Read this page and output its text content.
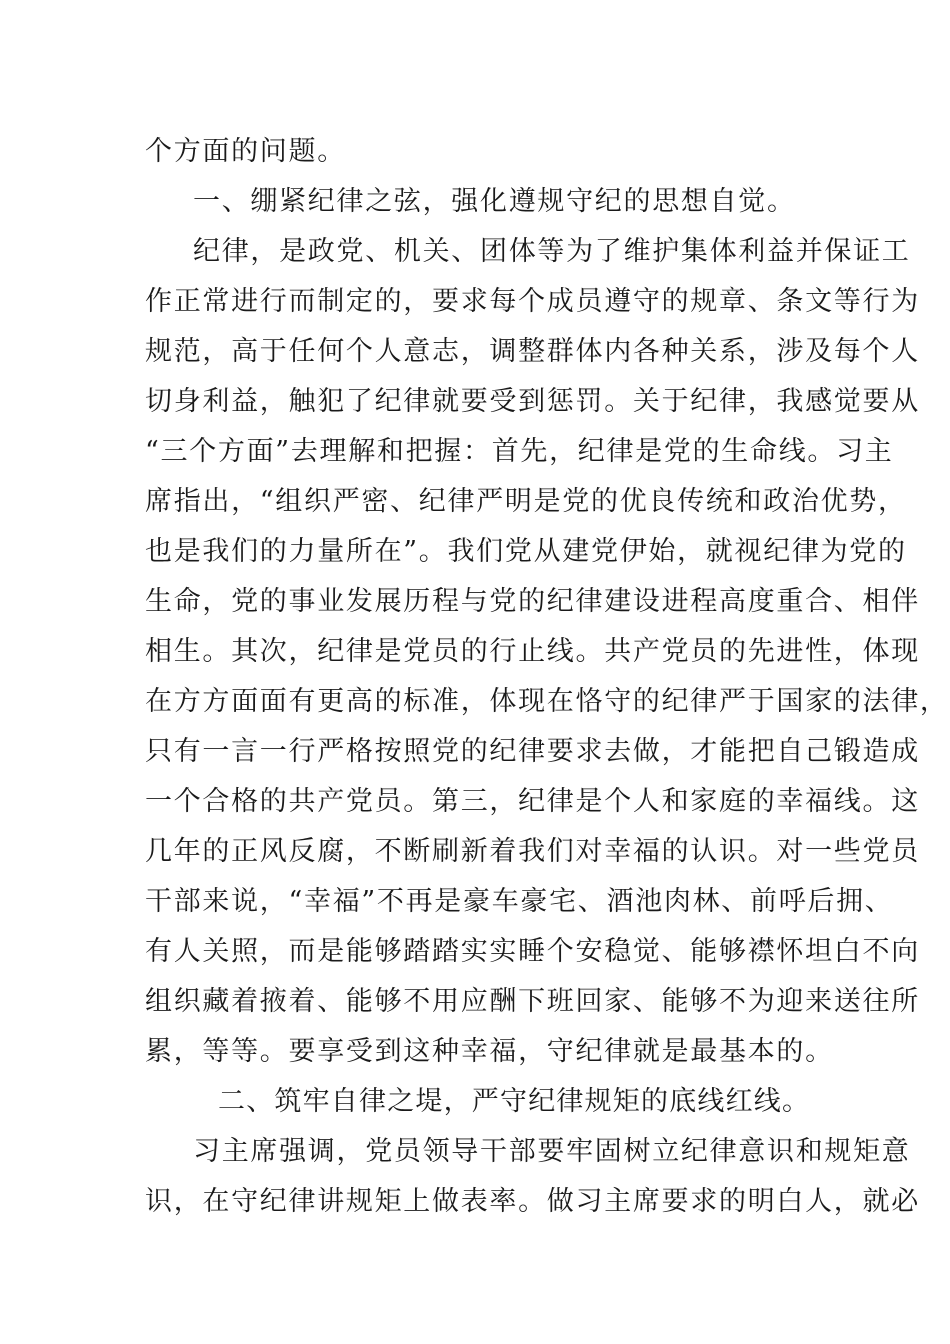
个方面的问题。
一、绷紧纪律之弦，强化遵规守纪的思想自觉。
纪律，是政党、机关、团体等为了维护集体利益并保证工
作正常进行而制定的，要求每个成员遵守的规章、条文等行为
规范，高于任何个人意志，调整群体内各种关系，涉及每个人
切身利益，触犯了纪律就要受到惩罚。关于纪律，我感觉要从
“三个方面”去理解和把握：首先，纪律是党的生命线。习主
席指出，“组织严密、纪律严明是党的优良传统和政治优势，
也是我们的力量所在”。我们党从建党伊始，就视纪律为党的
生命，党的事业发展历程与党的纪律建设进程高度重合、相伴
相生。其次，纪律是党员的行止线。共产党员的先进性，体现
在方方面面有更高的标准，体现在恪守的纪律严于国家的法律，
只有一言一行严格按照党的纪律要求去做，才能把自己锻造成
一个合格的共产党员。第三，纪律是个人和家庭的幸福线。这
几年的正风反腐，不断刷新着我们对幸福的认识。对一些党员
干部来说，“幸福”不再是豪车豪宅、酒池肉林、前呼后拥、
有人关照，而是能够踏踏实实睡个安稳觉、能够襟怀坦白不向
组织藏着掖着、能够不用应酬下班回家、能够不为迎来送往所
累，等等。要享受到这种幸福，守纪律就是最基本的。
二、筑牢自律之堤，严守纪律规矩的底线红线。
习主席强调，党员领导干部要牢固树立纪律意识和规矩意
识，在守纪律讲规矩上做表率。做习主席要求的明白人，就必
